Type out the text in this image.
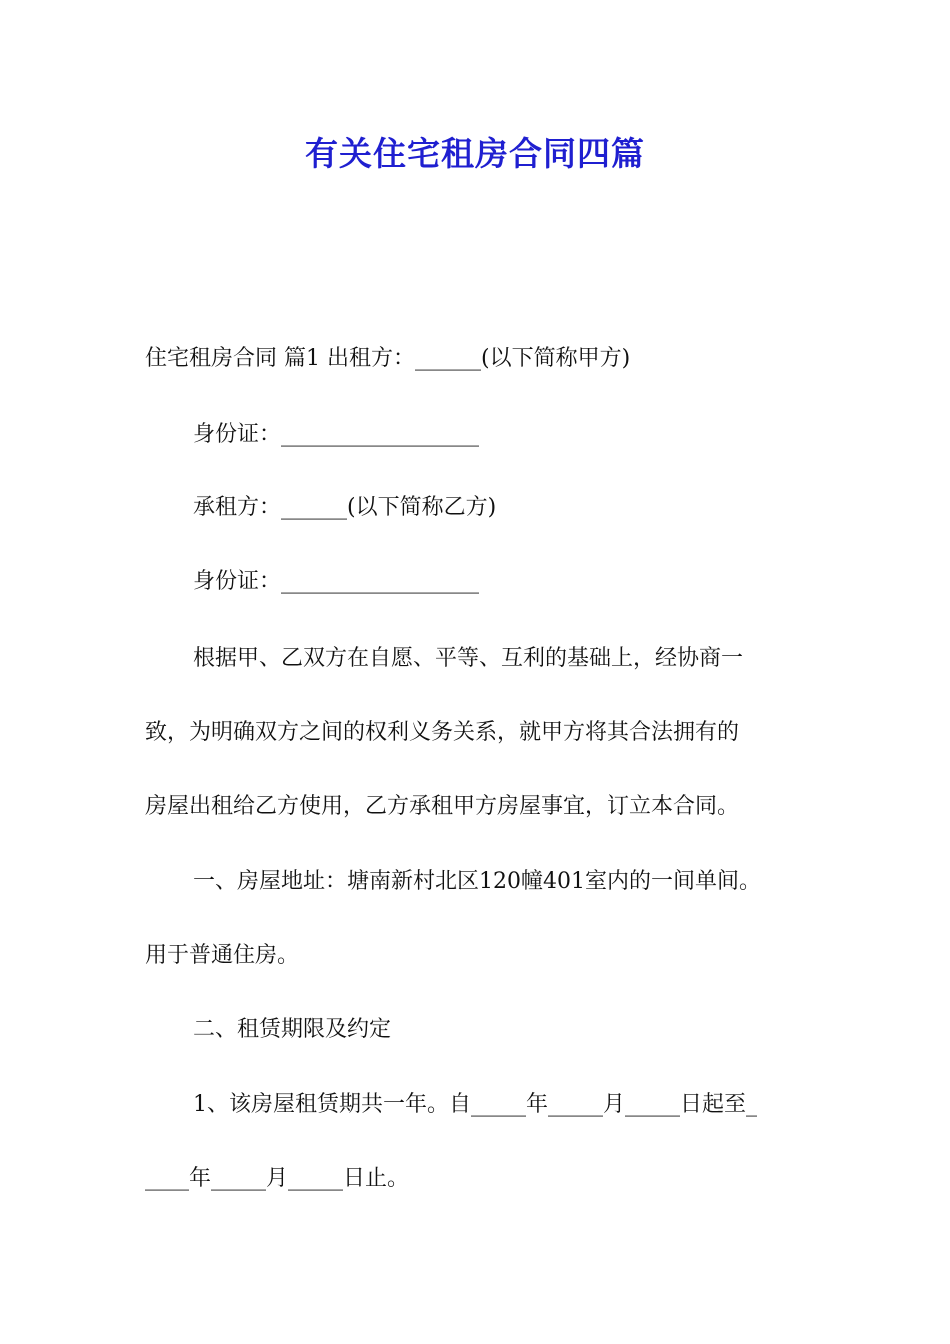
有关住宅租房合同四篇
住宅租房合同 篇1 出租方：______(以下简称甲方)
身份证：__________________
承租方：______(以下简称乙方)
身份证：__________________
根据甲、乙双方在自愿、平等、互利的基础上，经协商一
致，为明确双方之间的权利义务关系，就甲方将其合法拥有的
房屋出租给乙方使用，乙方承租甲方房屋事宜，订立本合同。
一、房屋地址：塘南新村北区120幢401室内的一间单间。
用于普通住房。
二、租赁期限及约定
1、该房屋租赁期共一年。自_____年_____月_____日起至_
____年_____月_____日止。
